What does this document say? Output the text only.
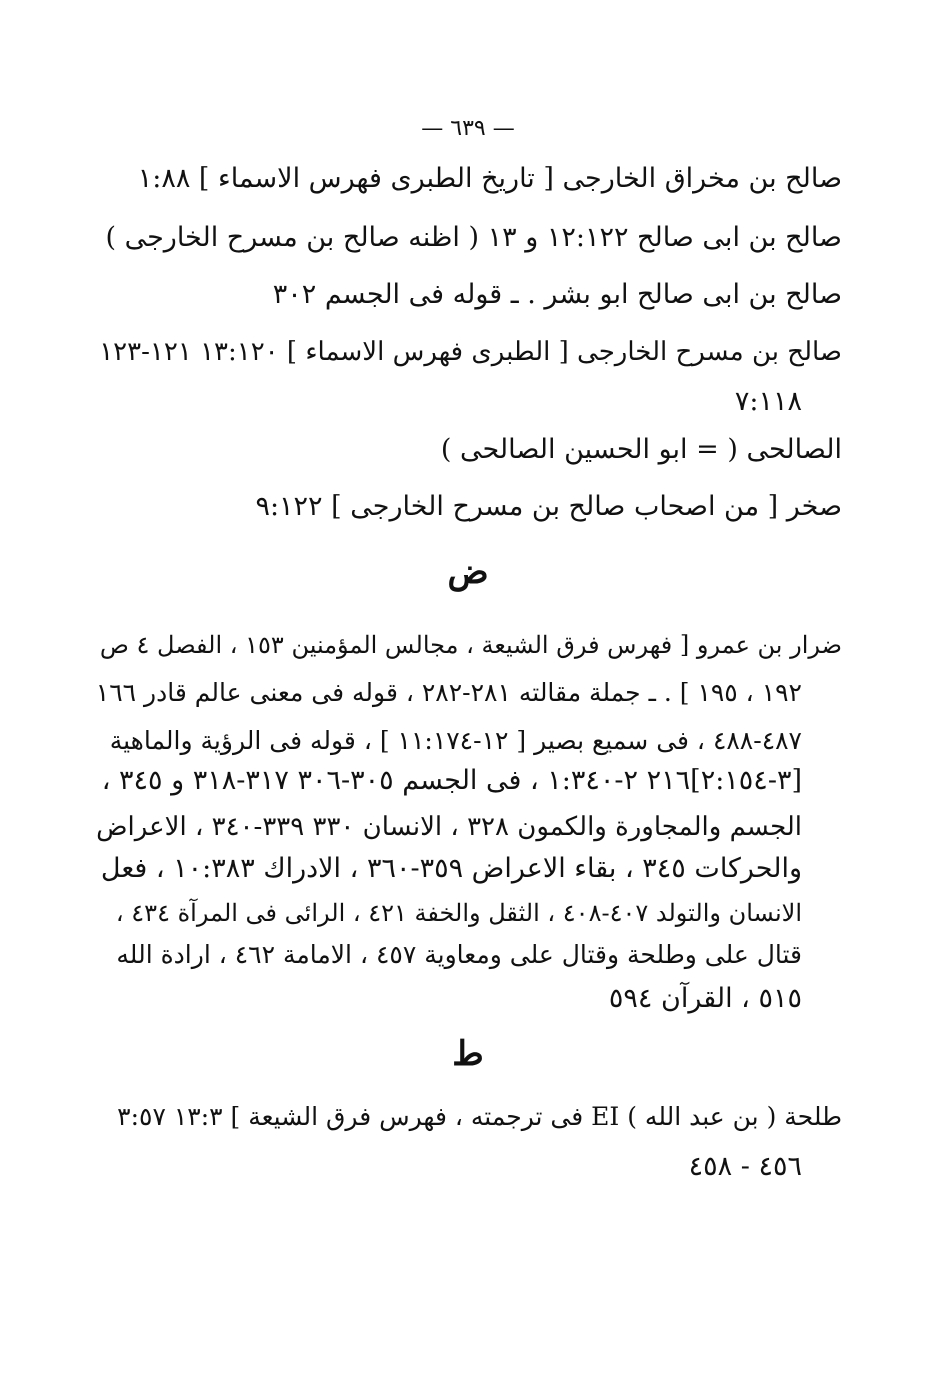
— ٦٣٩ —
صالح بن مخراق الخارجی [ تاریخ الطبری فهرس الاسماء ] ١:٨٨
صالح بن ابی صالح ١٢:١٢٢ و ١٣ ( اظنه صالح بن مسرح الخارجی )
صالح بن ابی صالح ابو بشر . ـ قوله فی الجسم ٣٠٢
صالح بن مسرح الخارجی [ الطبری فهرس الاسماء ] ١٣:١٢٠ ١٢١-١٢٣
٧:١١٨
الصالحی ( = ابو الحسین الصالحی )
صخر [ من اصحاب صالح بن مسرح الخارجی ] ٩:١٢٢
ض
ضرار بن عمرو [ فهرس فرق الشیعة ، مجالس المؤمنین ١٥٣ ، الفصل ٤ ص
١٩٢ ، ١٩٥ ] . ـ جملة مقالته ٢٨١-٢٨٢ ، قوله فی معنی عالم قادر ١٦٦
٤٨٧-٤٨٨ ، فی سمیع بصیر [ ١٢-١١:١٧٤ ] ، قوله فی الرؤیة والماهیة
[٣-٢:١٥٤]٢١٦ ٢-١:٣٤٠ ، فی الجسم ٣٠٥-٣٠٦ ٣١٧-٣١٨ و ٣٤٥ ،
الجسم والمجاورة والكمون ٣٢٨ ، الانسان ٣٣٠ ٣٣٩-٣٤٠ ، الاعراض
والحركات ٣٤٥ ، بقاء الاعراض ٣٥٩-٣٦٠ ، الادراك ١٠:٣٨٣ ، فعل
الانسان والتولد ٤٠٧-٤٠٨ ، الثقل والخفة ٤٢١ ، الرائی فی المرآة ٤٣٤ ،
قتال علی وطلحة وقتال علی ومعاویة ٤٥٧ ، الامامة ٤٦٢ ، ارادة الله
٥١٥ ، القرآن ٥٩٤
ط
طلحة ( بن عبد الله ) EI فی ترجمته ، فهرس فرق الشیعة ] ١٣:٣ ٣:٥٧
٤٥٦ - ٤٥٨
